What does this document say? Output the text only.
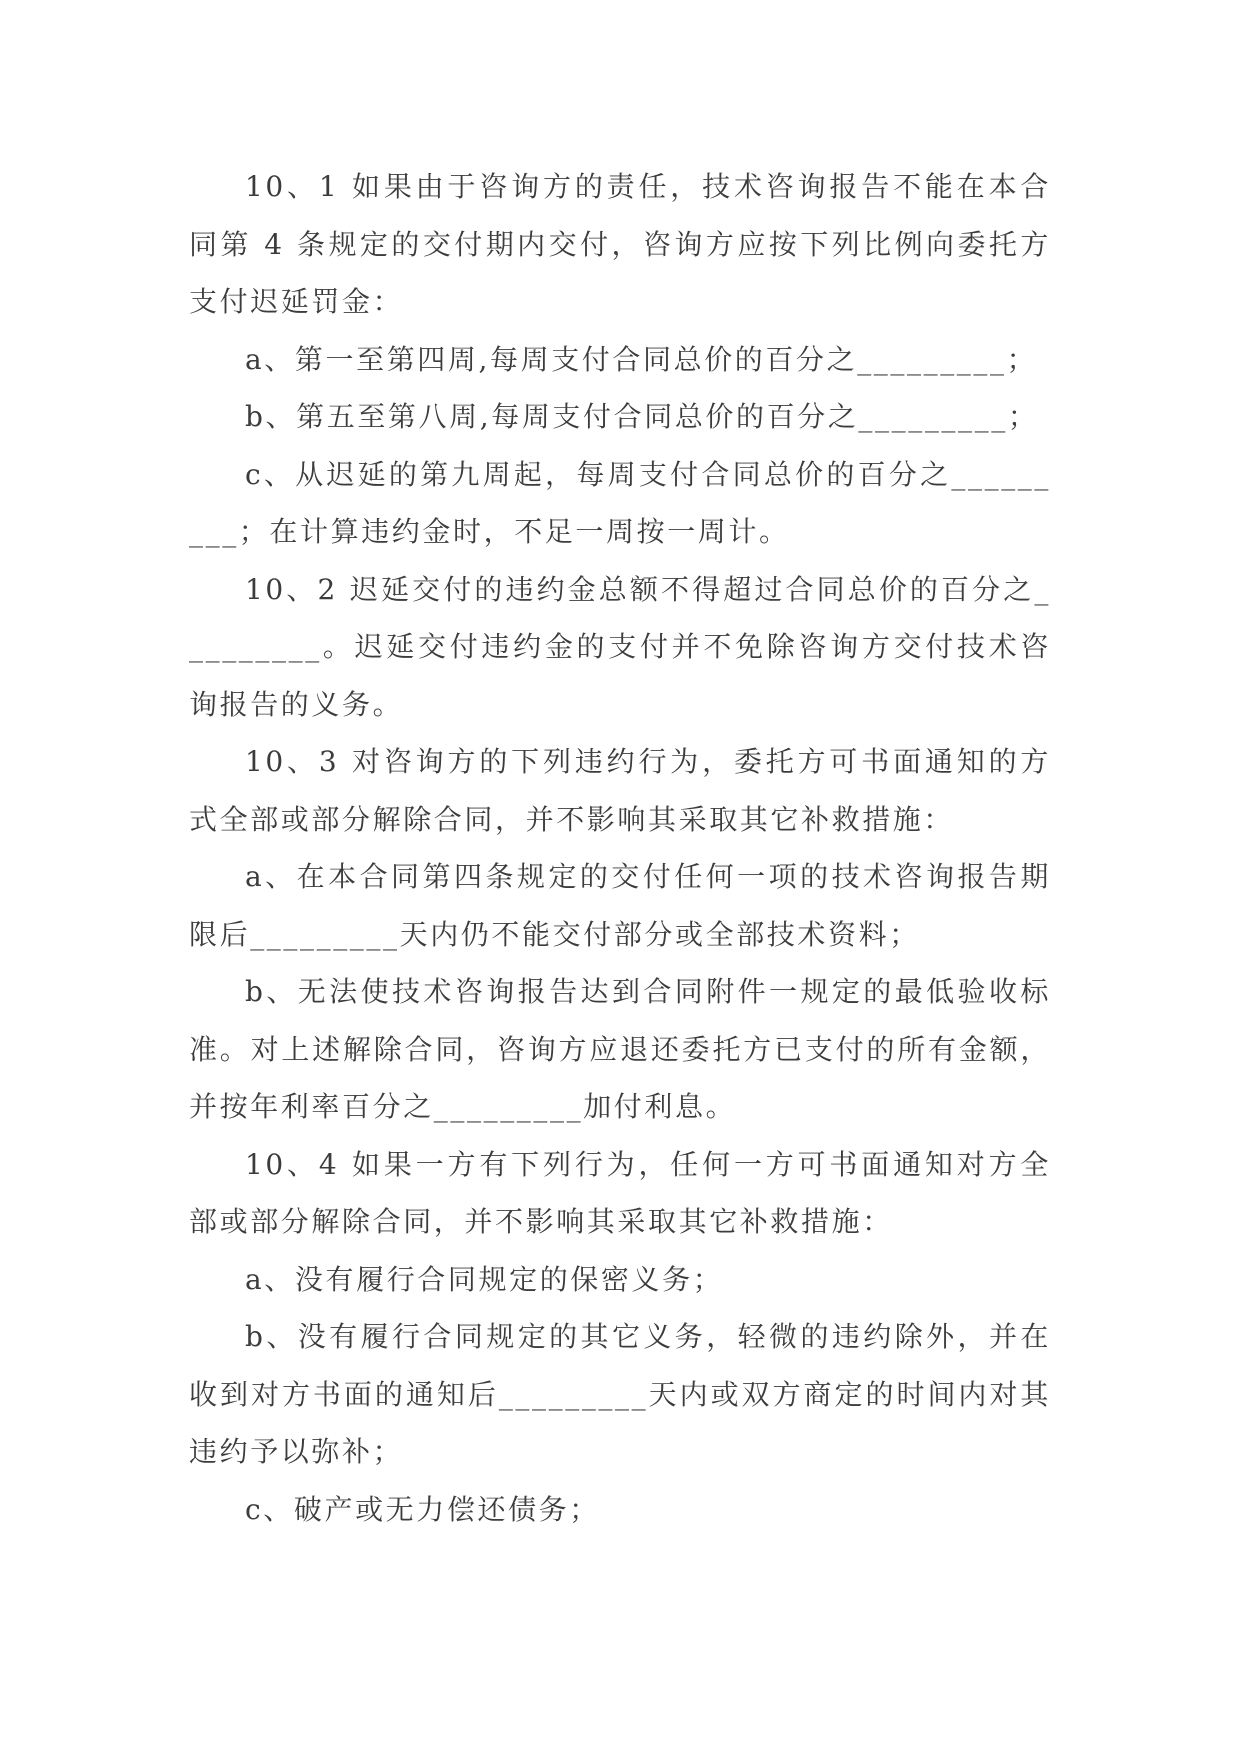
10、1 如果由于咨询方的责任，技术咨询报告不能在本合同第 4 条规定的交付期内交付，咨询方应按下列比例向委托方支付迟延罚金：

a、第一至第四周,每周支付合同总价的百分之_________；

b、第五至第八周,每周支付合同总价的百分之_________；

c、从迟延的第九周起，每周支付合同总价的百分之_________；在计算违约金时，不足一周按一周计。

10、2 迟延交付的违约金总额不得超过合同总价的百分之_________。迟延交付违约金的支付并不免除咨询方交付技术咨询报告的义务。

10、3 对咨询方的下列违约行为，委托方可书面通知的方式全部或部分解除合同，并不影响其采取其它补救措施：

a、在本合同第四条规定的交付任何一项的技术咨询报告期限后_________天内仍不能交付部分或全部技术资料；

b、无法使技术咨询报告达到合同附件一规定的最低验收标准。对上述解除合同，咨询方应退还委托方已支付的所有金额，并按年利率百分之_________加付利息。

10、4 如果一方有下列行为，任何一方可书面通知对方全部或部分解除合同，并不影响其采取其它补救措施：

a、没有履行合同规定的保密义务；

b、没有履行合同规定的其它义务，轻微的违约除外，并在收到对方书面的通知后_________天内或双方商定的时间内对其违约予以弥补；

c、破产或无力偿还债务；
